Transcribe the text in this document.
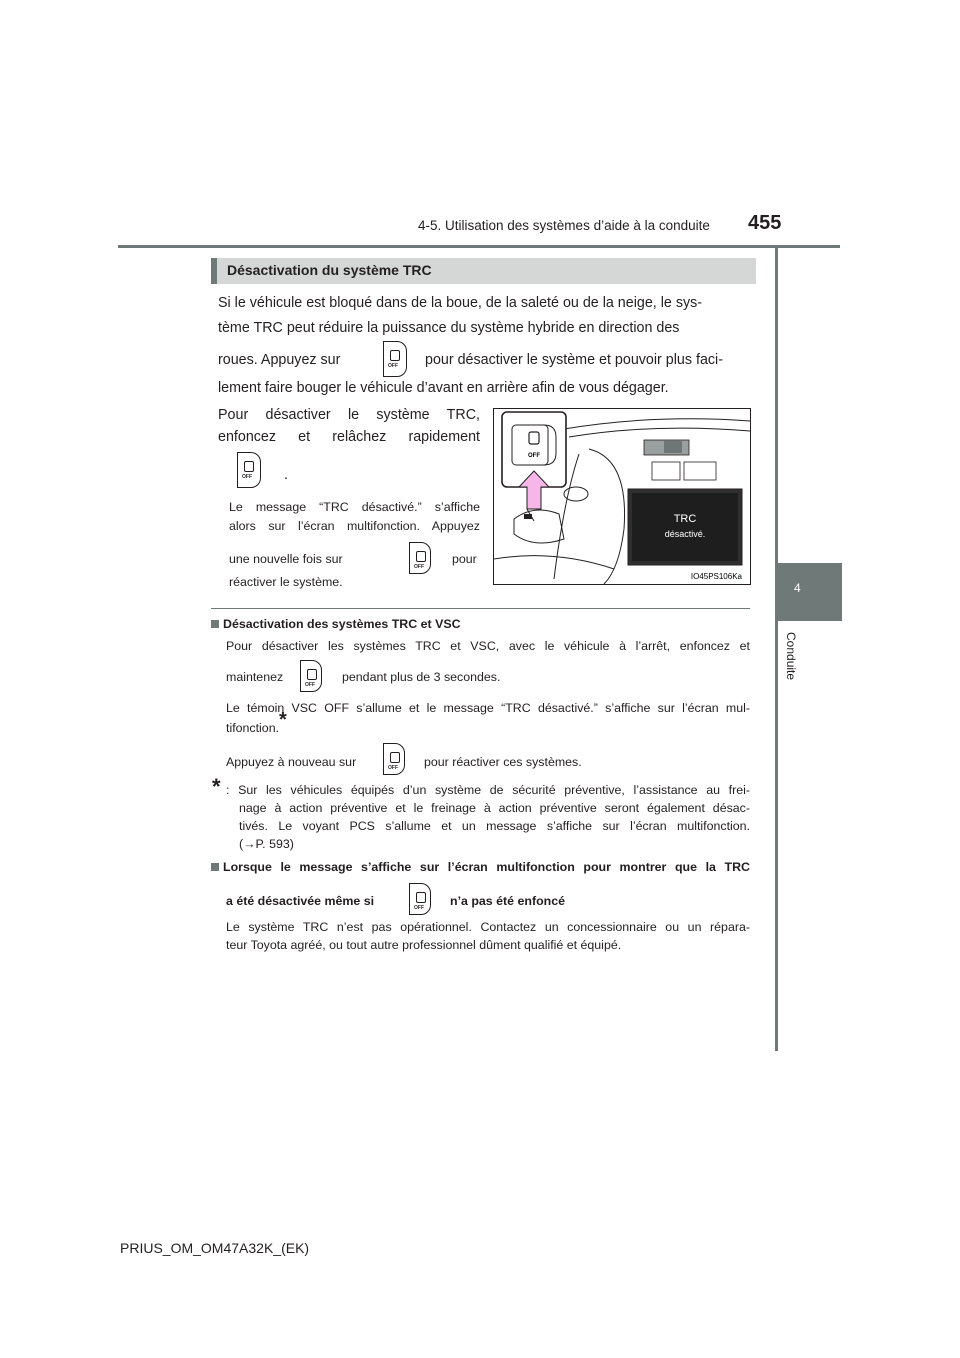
4-5. Utilisation des systèmes d’aide à la conduite 455
4
Conduite
Désactivation du système TRC
Si le véhicule est bloqué dans de la boue, de la saleté ou de la neige, le sys-
tème TRC peut réduire la puissance du système hybride en direction des
roues. Appuyez sur	OFF pour désactiver le système et pouvoir plus faci-
lement faire bouger le véhicule d’avant en arrière afin de vous dégager.
Pour désactiver le système TRC,
enfoncez et relâchez rapidement
OFF .
Le message “TRC désactivé.” s’affiche
alors sur l’écran multifonction. Appuyez
une nouvelle fois sur
OFF
pour
réactiver le système.
OFF
TRC
désactivé.
IO45PS106Ka
Désactivation des systèmes TRC et VSC
Pour désactiver les systèmes TRC et VSC, avec le véhicule à l’arrêt, enfoncez et
maintenez
OFF
pendant plus de 3 secondes.
Le témoin VSC OFF s’allume et le message “TRC désactivé.” s’affiche sur l’écran mul-
tifonction.*
Appuyez à nouveau sur	OFF pour réactiver ces systèmes.
* : Sur les véhicules équipés d’un système de sécurité préventive, l’assistance au frei-
nage à action préventive et le freinage à action préventive seront également désac-
tivés. Le voyant PCS s’allume et un message s’affiche sur l’écran multifonction.
(→P. 593)
Lorsque le message s’affiche sur l’écran multifonction pour montrer que la TRC
a été désactivée même si	OFF n’a pas été enfoncé
Le système TRC n’est pas opérationnel. Contactez un concessionnaire ou un répara-
teur Toyota agréé, ou tout autre professionnel dûment qualifié et équipé.
PRIUS_OM_OM47A32K_(EK)
